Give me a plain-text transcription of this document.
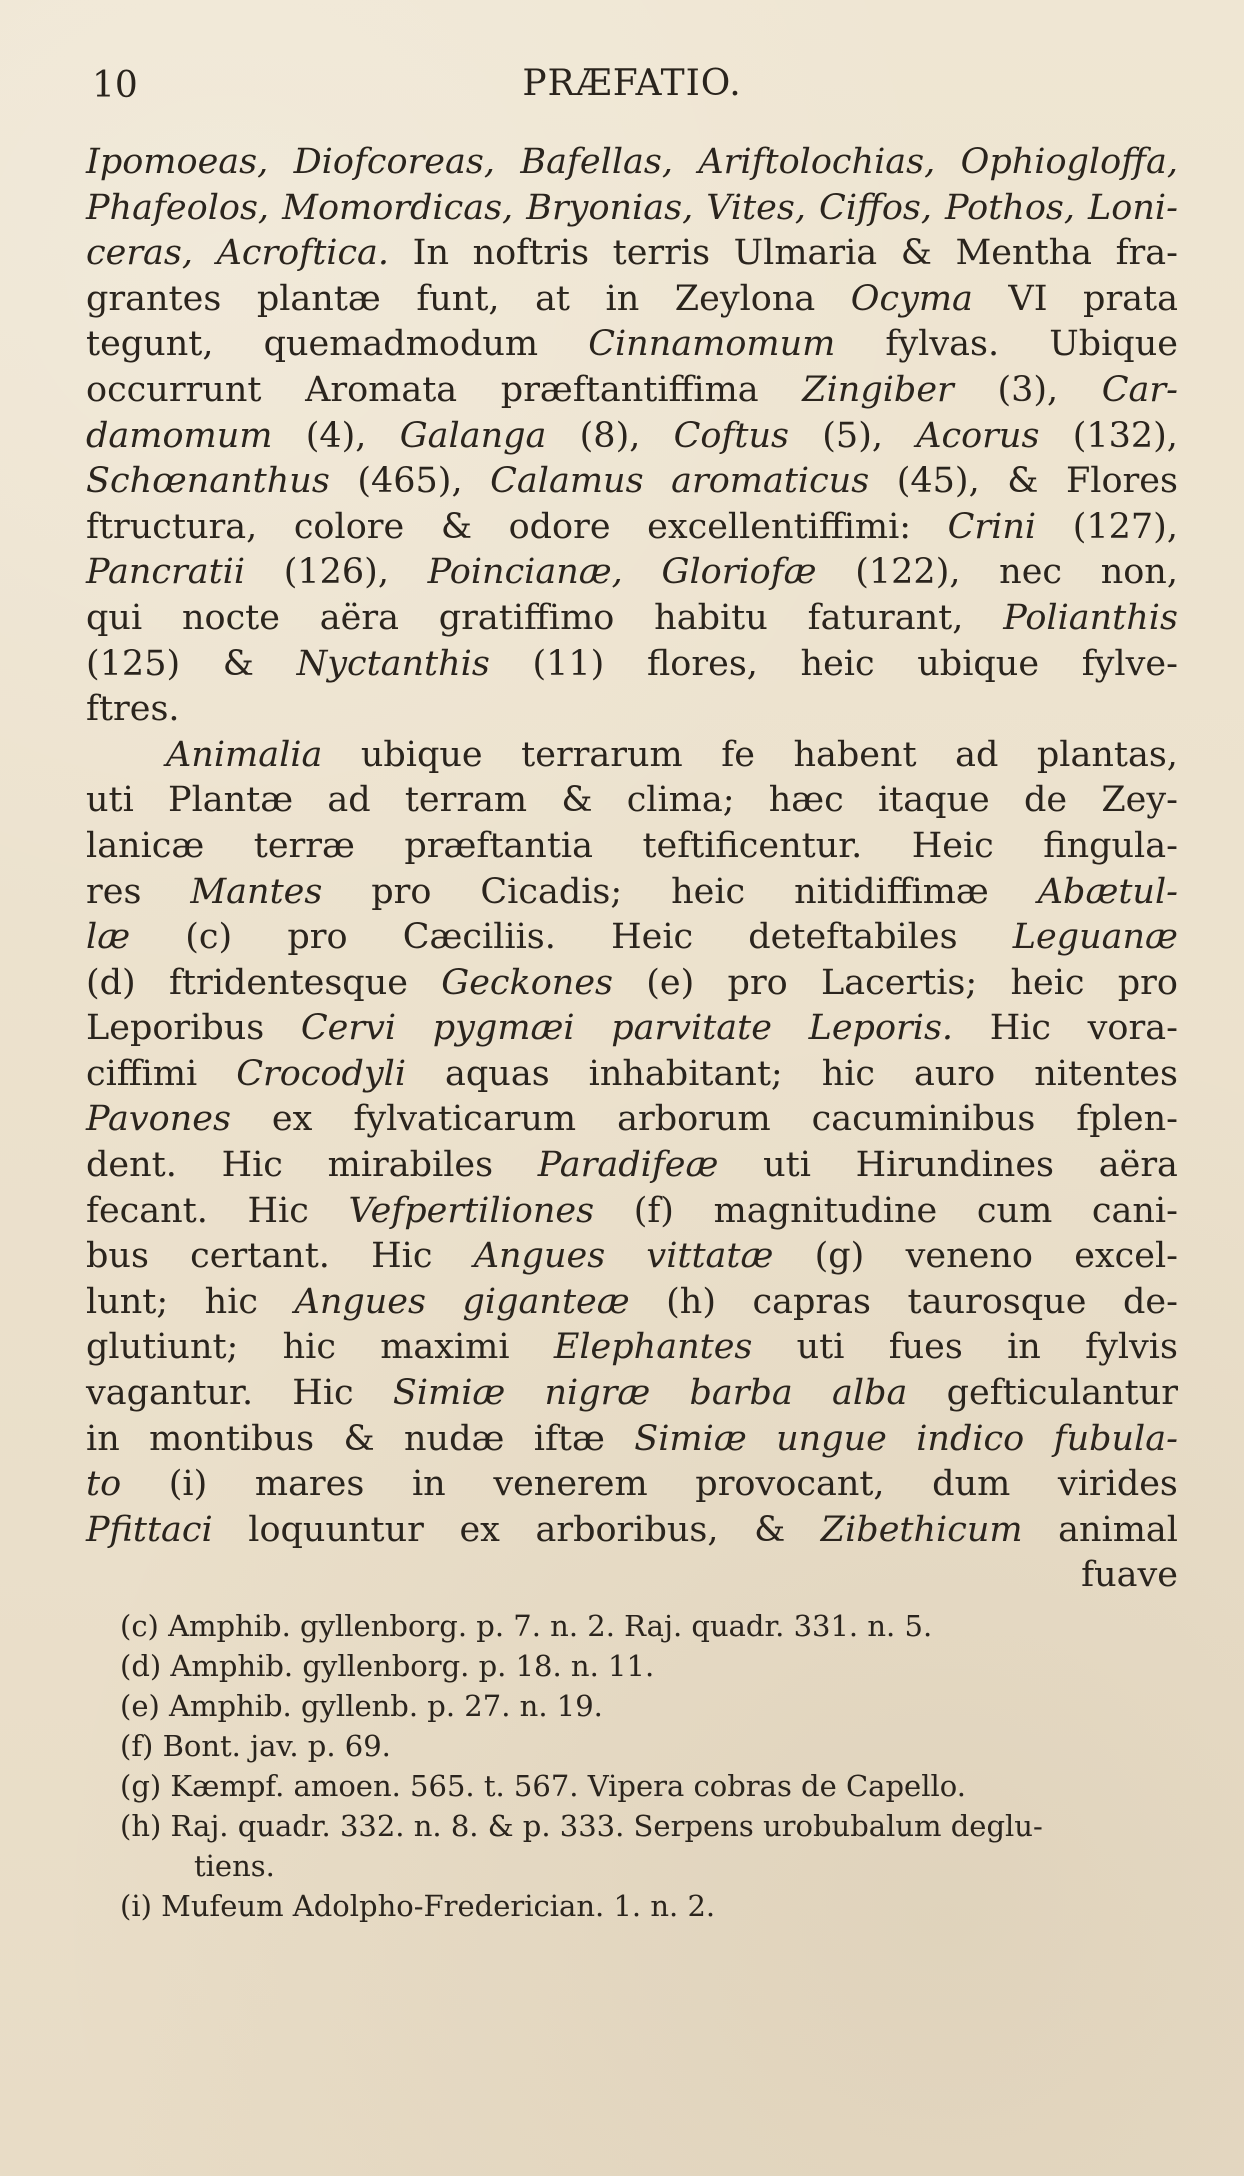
10	PRÆFATIO.
Ipomoeas, Diofcoreas, Bafellas, Ariftolochias, Ophiogloffa,
Phafeolos, Momordicas, Bryonias, Vites, Ciffos, Pothos, Loni-
ceras, Acroftica. In noftris terris Ulmaria & Mentha fra-
grantes plantæ funt, at in Zeylona Ocyma VI prata
tegunt, quemadmodum Cinnamomum fylvas. Ubique
occurrunt Aromata præftantiffima Zingiber (3), Car-
damomum (4), Galanga (8), Coftus (5), Acorus (132),
Schœnanthus (465), Calamus aromaticus (45), & Flores
ftructura, colore & odore excellentiffimi: Crini (127),
Pancratii (126), Poincianæ, Gloriofæ (122), nec non,
qui nocte aëra gratiffimo habitu faturant, Polianthis
(125) & Nyctanthis (11) flores, heic ubique fylve-
ftres.
Animalia ubique terrarum fe habent ad plantas,
uti Plantæ ad terram & clima; hæc itaque de Zey-
lanicæ terræ præftantia teftificentur. Heic fingula-
res Mantes pro Cicadis; heic nitidiffimæ Abætul-
læ (c) pro Cæciliis. Heic deteftabiles Leguanæ
(d) ftridentesque Geckones (e) pro Lacertis; heic pro
Leporibus Cervi pygmæi parvitate Leporis. Hic vora-
ciffimi Crocodyli aquas inhabitant; hic auro nitentes
Pavones ex fylvaticarum arborum cacuminibus fplen-
dent. Hic mirabiles Paradifeæ uti Hirundines aëra
fecant. Hic Vefpertiliones (f) magnitudine cum cani-
bus certant. Hic Angues vittatæ (g) veneno excel-
lunt; hic Angues giganteæ (h) capras taurosque de-
glutiunt; hic maximi Elephantes uti fues in fylvis
vagantur. Hic Simiæ nigræ barba alba gefticulantur
in montibus & nudæ iftæ Simiæ ungue indico fubula-
to (i) mares in venerem provocant, dum virides
Pfittaci loquuntur ex arboribus, & Zibethicum animal
fuave
(c) Amphib. gyllenborg. p. 7. n. 2. Raj. quadr. 331. n. 5.
(d) Amphib. gyllenborg. p. 18. n. 11.
(e) Amphib. gyllenb. p. 27. n. 19.
(f) Bont. jav. p. 69.
(g) Kæmpf. amoen. 565. t. 567. Vipera cobras de Capello.
(h) Raj. quadr. 332. n. 8. & p. 333. Serpens urobubalum deglu-
tiens.
(i) Mufeum Adolpho-Frederician. 1. n. 2.
